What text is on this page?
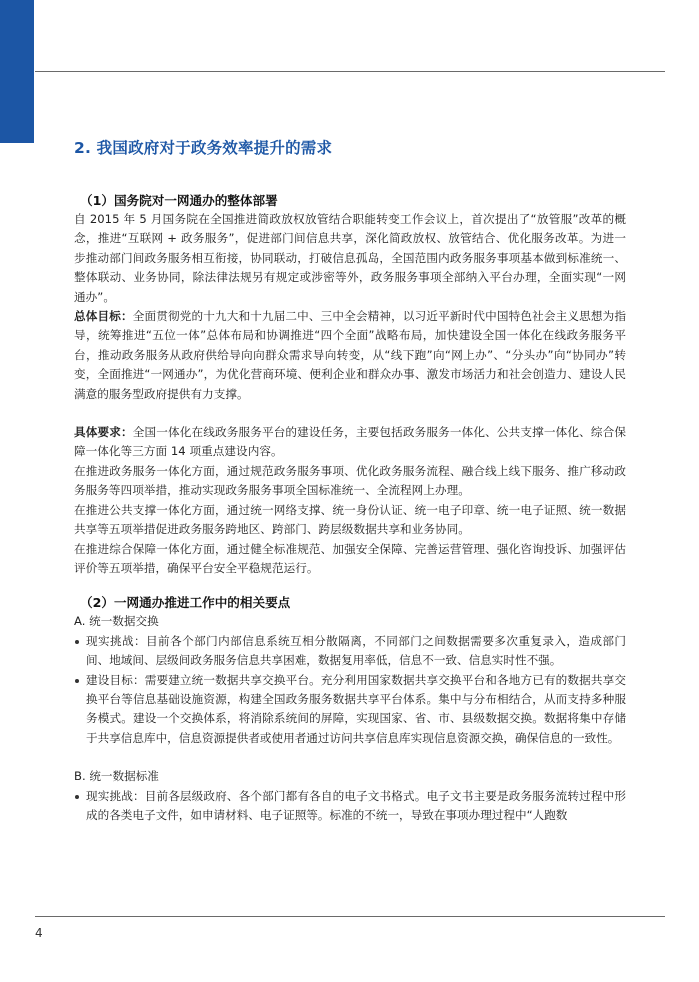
2. 我国政府对于政务效率提升的需求

（1）国务院对一网通办的整体部署

自 2015 年 5 月国务院在全国推进简政放权放管结合职能转变工作会议上，首次提出了“放管服”改革的概念，推进“互联网 + 政务服务”，促进部门间信息共享，深化简政放权、放管结合、优化服务改革。为进一步推动部门间政务服务相互衔接，协同联动，打破信息孤岛，全国范围内政务服务事项基本做到标准统一、整体联动、业务协同，除法律法规另有规定或涉密等外，政务服务事项全部纳入平台办理，全面实现“一网通办”。

总体目标：全面贯彻党的十九大和十九届二中、三中全会精神，以习近平新时代中国特色社会主义思想为指导，统筹推进“五位一体”总体布局和协调推进“四个全面”战略布局，加快建设全国一体化在线政务服务平台，推动政务服务从政府供给导向向群众需求导向转变，从“线下跑”向“网上办”、“分头办”向“协同办”转变，全面推进“一网通办”，为优化营商环境、便利企业和群众办事、激发市场活力和社会创造力、建设人民满意的服务型政府提供有力支撑。

具体要求：全国一体化在线政务服务平台的建设任务，主要包括政务服务一体化、公共支撑一体化、综合保障一体化等三方面 14 项重点建设内容。

在推进政务服务一体化方面，通过规范政务服务事项、优化政务服务流程、融合线上线下服务、推广移动政务服务等四项举措，推动实现政务服务事项全国标准统一、全流程网上办理。

在推进公共支撑一体化方面，通过统一网络支撑、统一身份认证、统一电子印章、统一电子证照、统一数据共享等五项举措促进政务服务跨地区、跨部门、跨层级数据共享和业务协同。

在推进综合保障一体化方面，通过健全标准规范、加强安全保障、完善运营管理、强化咨询投诉、加强评估评价等五项举措，确保平台安全平稳规范运行。

（2）一网通办推进工作中的相关要点

A. 统一数据交换

现实挑战：目前各个部门内部信息系统互相分散隔离，不同部门之间数据需要多次重复录入，造成部门间、地域间、层级间政务服务信息共享困难，数据复用率低，信息不一致、信息实时性不强。
建设目标：需要建立统一数据共享交换平台。充分利用国家数据共享交换平台和各地方已有的数据共享交换平台等信息基础设施资源，构建全国政务服务数据共享平台体系。集中与分布相结合，从而支持多种服务模式。建设一个交换体系，将消除系统间的屏障，实现国家、省、市、县级数据交换。数据将集中存储于共享信息库中，信息资源提供者或使用者通过访问共享信息库实现信息资源交换，确保信息的一致性。

B. 统一数据标准

现实挑战：目前各层级政府、各个部门都有各自的电子文书格式。电子文书主要是政务服务流转过程中形成的各类电子文件，如申请材料、电子证照等。标准的不统一，导致在事项办理过程中“人跑数
4
